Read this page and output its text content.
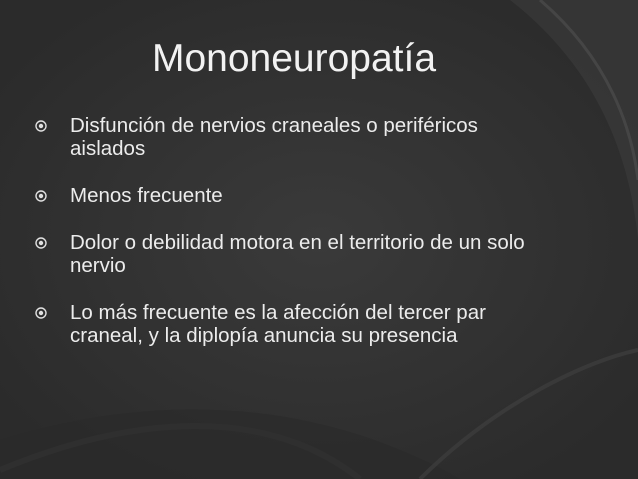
Mononeuropatía
Disfunción de nervios craneales o periféricos aislados
Menos frecuente
Dolor o debilidad motora en el territorio de un solo nervio
Lo más frecuente es la afección del tercer par craneal, y la diplopía anuncia su presencia
